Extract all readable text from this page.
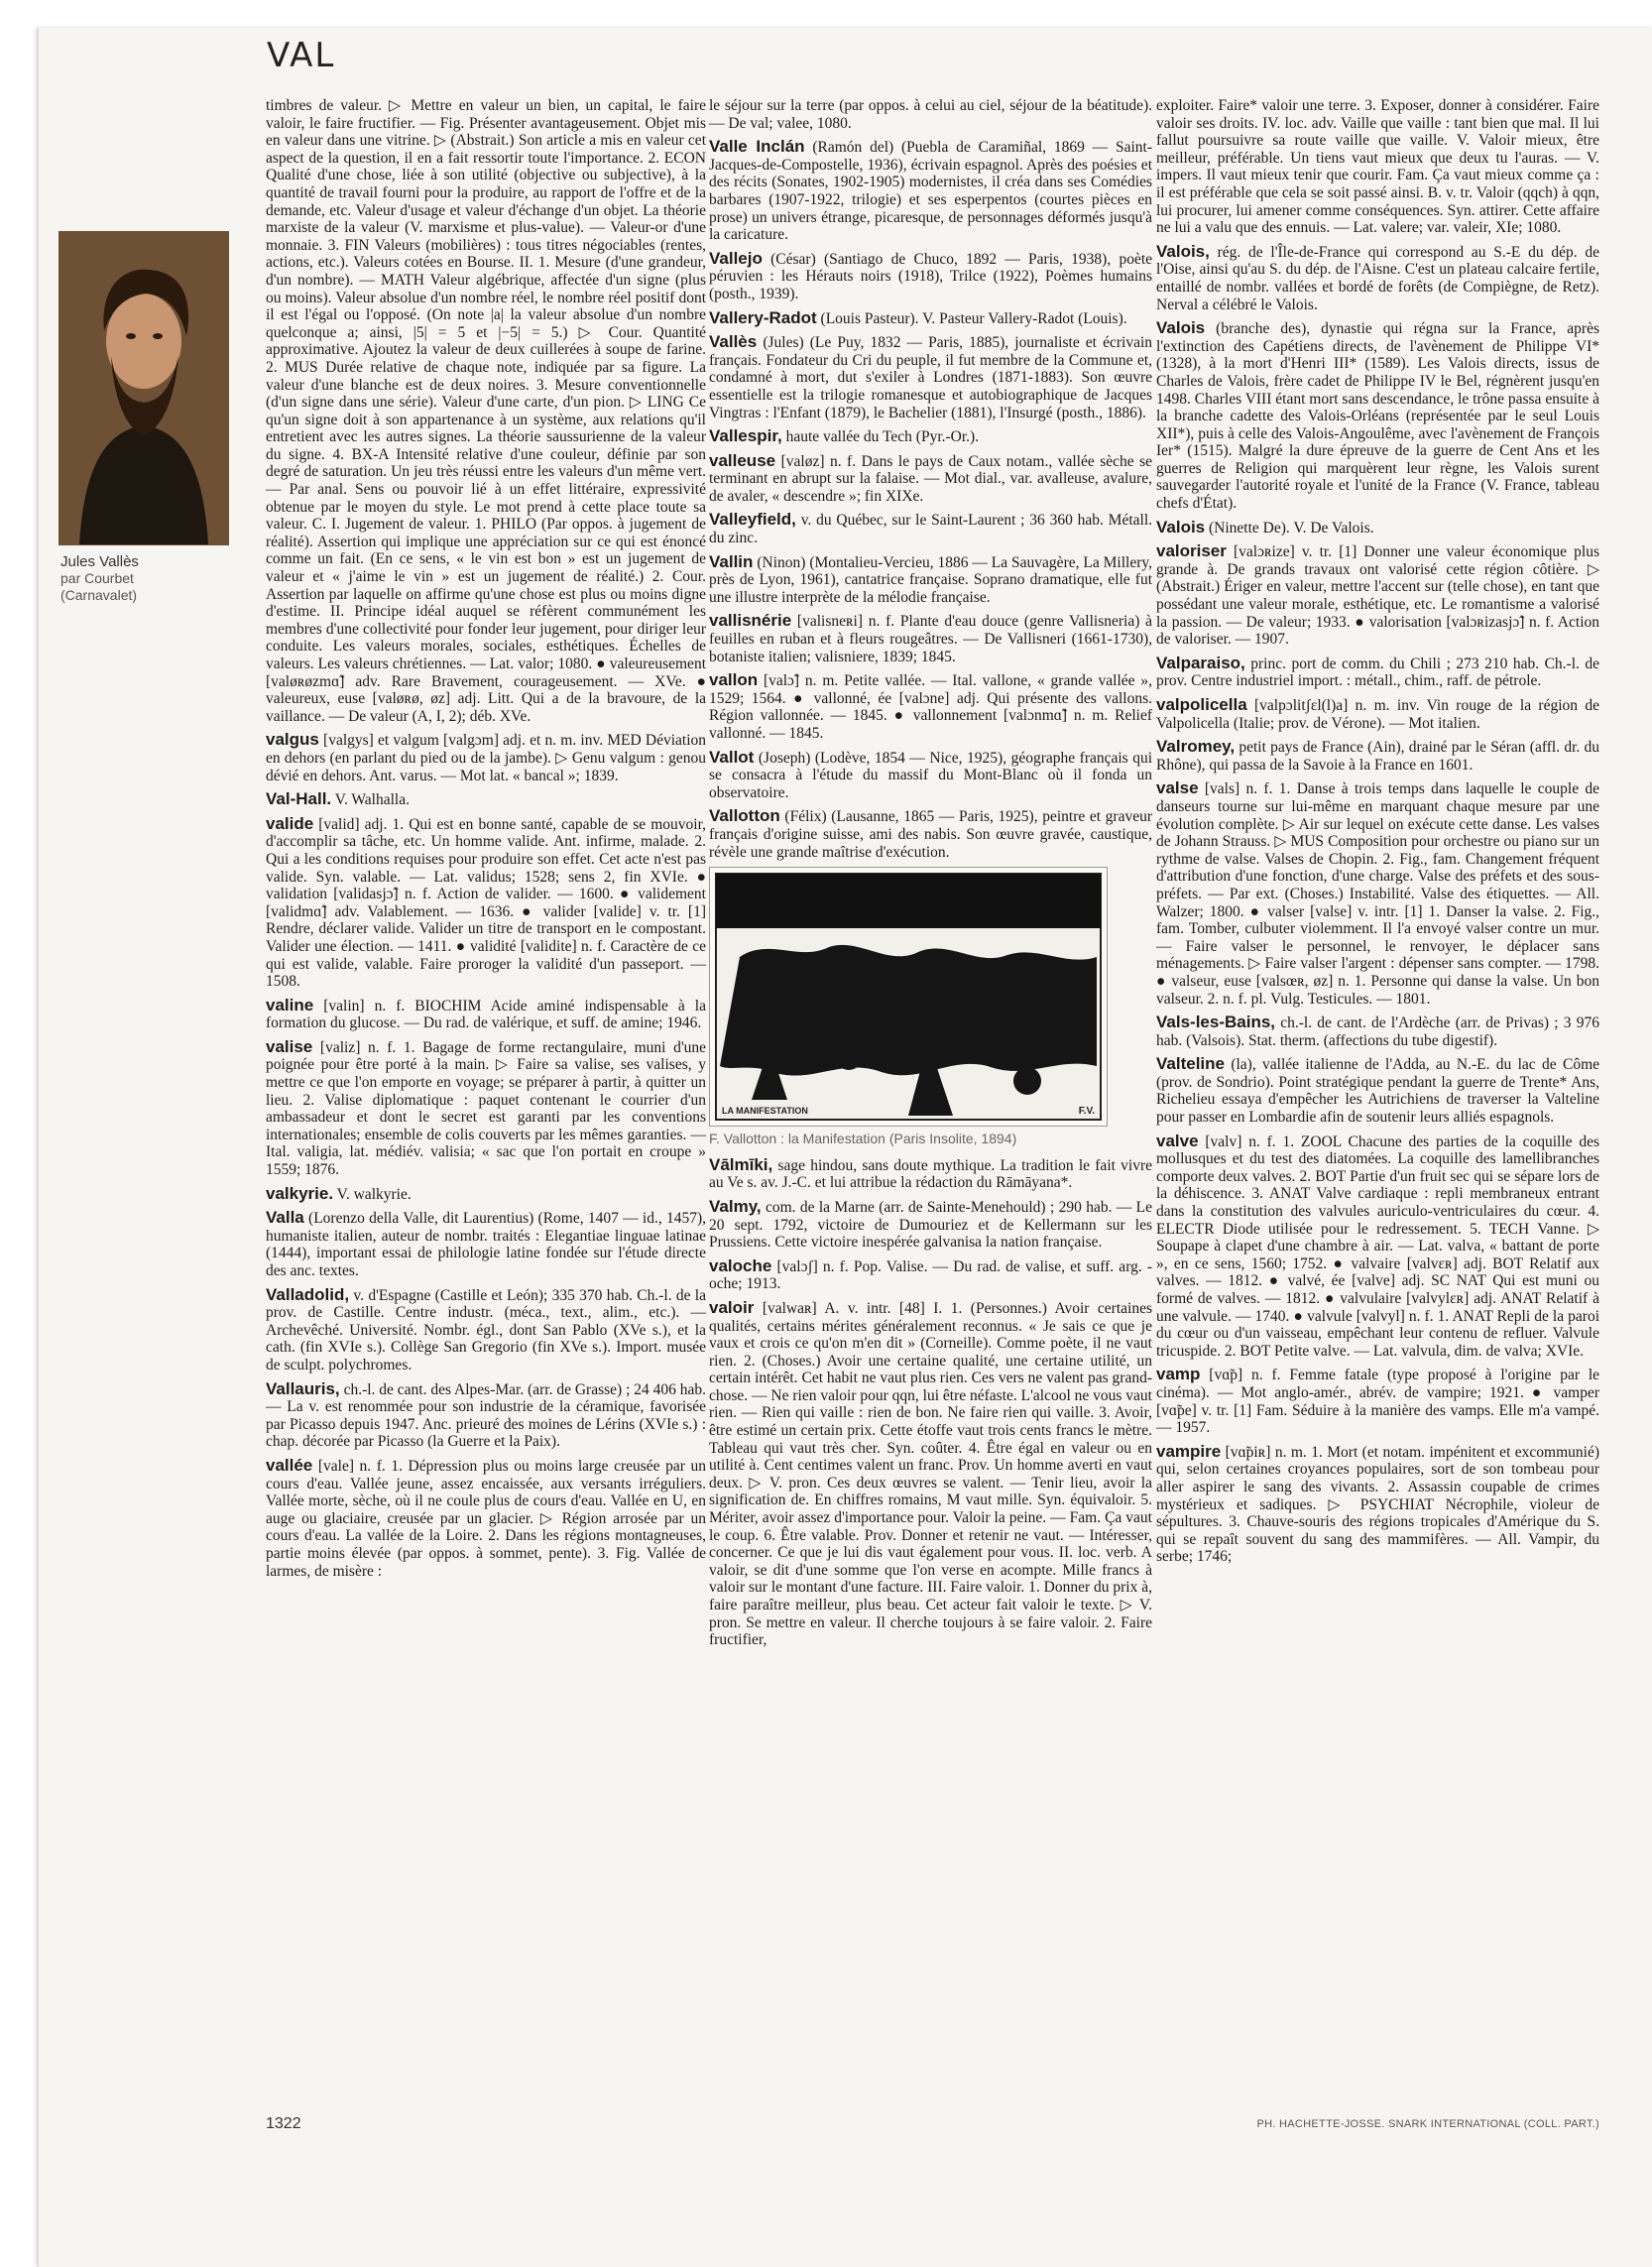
VAL
Jules Vallès
par Courbet
(Carnavalet)

timbres de valeur. ▷ Mettre en valeur un bien, un capital, le faire valoir, le faire fructifier. — Fig. Présenter avantageusement. Objet mis en valeur dans une vitrine. ▷ (Abstrait.) Son article a mis en valeur cet aspect de la question, il en a fait ressortir toute l'importance. 2. ECON Qualité d'une chose, liée à son utilité (objective ou subjective), à la quantité de travail fourni pour la produire, au rapport de l'offre et de la demande, etc. Valeur d'usage et valeur d'échange d'un objet. La théorie marxiste de la valeur (V. marxisme et plus-value). — Valeur-or d'une monnaie. 3. FIN Valeurs (mobilières) : tous titres négociables (rentes, actions, etc.). Valeurs cotées en Bourse. II. 1. Mesure (d'une grandeur, d'un nombre). — MATH Valeur algébrique, affectée d'un signe (plus ou moins). Valeur absolue d'un nombre réel, le nombre réel positif dont il est l'égal ou l'opposé. (On note |a| la valeur absolue d'un nombre quelconque a; ainsi, |5| = 5 et |−5| = 5.) ▷ Cour. Quantité approximative. Ajoutez la valeur de deux cuillerées à soupe de farine. 2. MUS Durée relative de chaque note, indiquée par sa figure. La valeur d'une blanche est de deux noires. 3. Mesure conventionnelle (d'un signe dans une série). Valeur d'une carte, d'un pion. ▷ LING Ce qu'un signe doit à son appartenance à un système, aux relations qu'il entretient avec les autres signes. La théorie saussurienne de la valeur du signe. 4. BX-A Intensité relative d'une couleur, définie par son degré de saturation. Un jeu très réussi entre les valeurs d'un même vert. — Par anal. Sens ou pouvoir lié à un effet littéraire, expressivité obtenue par le moyen du style. Le mot prend à cette place toute sa valeur. C. I. Jugement de valeur. 1. PHILO (Par oppos. à jugement de réalité). Assertion qui implique une appréciation sur ce qui est énoncé comme un fait. (En ce sens, « le vin est bon » est un jugement de valeur et « j'aime le vin » est un jugement de réalité.) 2. Cour. Assertion par laquelle on affirme qu'une chose est plus ou moins digne d'estime. II. Principe idéal auquel se réfèrent communément les membres d'une collectivité pour fonder leur jugement, pour diriger leur conduite. Les valeurs morales, sociales, esthétiques. Échelles de valeurs. Les valeurs chrétiennes. — Lat. valor; 1080. ● valeureusement [valøʀøzmɑ̃] adv. Rare Bravement, courageusement. — XVe. ● valeureux, euse [valøʀø, øz] adj. Litt. Qui a de la bravoure, de la vaillance. — De valeur (A, I, 2); déb. XVe.

valgus [valgys] et valgum [valgɔm] adj. et n. m. inv. MED Déviation en dehors (en parlant du pied ou de la jambe). ▷ Genu valgum : genou dévié en dehors. Ant. varus. — Mot lat. « bancal »; 1839.

Val-Hall. V. Walhalla.

valide [valid] adj. 1. Qui est en bonne santé, capable de se mouvoir, d'accomplir sa tâche, etc. Un homme valide. Ant. infirme, malade. 2. Qui a les conditions requises pour produire son effet. Cet acte n'est pas valide. Syn. valable. — Lat. validus; 1528; sens 2, fin XVIe. ● validation [validasjɔ̃] n. f. Action de valider. — 1600. ● validement [validmɑ̃] adv. Valablement. — 1636. ● valider [valide] v. tr. [1] Rendre, déclarer valide. Valider un titre de transport en le compostant. Valider une élection. — 1411. ● validité [validite] n. f. Caractère de ce qui est valide, valable. Faire proroger la validité d'un passeport. — 1508.

valine [valin] n. f. BIOCHIM Acide aminé indispensable à la formation du glucose. — Du rad. de valérique, et suff. de amine; 1946.

valise [valiz] n. f. 1. Bagage de forme rectangulaire, muni d'une poignée pour être porté à la main. ▷ Faire sa valise, ses valises, y mettre ce que l'on emporte en voyage; se préparer à partir, à quitter un lieu. 2. Valise diplomatique : paquet contenant le courrier d'un ambassadeur et dont le secret est garanti par les conventions internationales; ensemble de colis couverts par les mêmes garanties. — Ital. valigia, lat. médiév. valisia; « sac que l'on portait en croupe » 1559; 1876.

valkyrie. V. walkyrie.

Valla (Lorenzo della Valle, dit Laurentius) (Rome, 1407 — id., 1457), humaniste italien, auteur de nombr. traités : Elegantiae linguae latinae (1444), important essai de philologie latine fondée sur l'étude directe des anc. textes.

Valladolid, v. d'Espagne (Castille et León); 335 370 hab. Ch.-l. de la prov. de Castille. Centre industr. (méca., text., alim., etc.). — Archevêché. Université. Nombr. égl., dont San Pablo (XVe s.), et la cath. (fin XVIe s.). Collège San Gregorio (fin XVe s.). Import. musée de sculpt. polychromes.

Vallauris, ch.-l. de cant. des Alpes-Mar. (arr. de Grasse) ; 24 406 hab. — La v. est renommée pour son industrie de la céramique, favorisée par Picasso depuis 1947. Anc. prieuré des moines de Lérins (XVIe s.) : chap. décorée par Picasso (la Guerre et la Paix).

vallée [vale] n. f. 1. Dépression plus ou moins large creusée par un cours d'eau. Vallée jeune, assez encaissée, aux versants irréguliers. Vallée morte, sèche, où il ne coule plus de cours d'eau. Vallée en U, en auge ou glaciaire, creusée par un glacier. ▷ Région arrosée par un cours d'eau. La vallée de la Loire. 2. Dans les régions montagneuses, partie moins élevée (par oppos. à sommet, pente). 3. Fig. Vallée de larmes, de misère :

le séjour sur la terre (par oppos. à celui au ciel, séjour de la béatitude). — De val; valee, 1080.

Valle Inclán (Ramón del) (Puebla de Caramiñal, 1869 — Saint-Jacques-de-Compostelle, 1936), écrivain espagnol. Après des poésies et des récits (Sonates, 1902-1905) modernistes, il créa dans ses Comédies barbares (1907-1922, trilogie) et ses esperpentos (courtes pièces en prose) un univers étrange, picaresque, de personnages déformés jusqu'à la caricature.

Vallejo (César) (Santiago de Chuco, 1892 — Paris, 1938), poète péruvien : les Hérauts noirs (1918), Trilce (1922), Poèmes humains (posth., 1939).

Vallery-Radot (Louis Pasteur). V. Pasteur Vallery-Radot (Louis).

Vallès (Jules) (Le Puy, 1832 — Paris, 1885), journaliste et écrivain français. Fondateur du Cri du peuple, il fut membre de la Commune et, condamné à mort, dut s'exiler à Londres (1871-1883). Son œuvre essentielle est la trilogie romanesque et autobiographique de Jacques Vingtras : l'Enfant (1879), le Bachelier (1881), l'Insurgé (posth., 1886).

Vallespir, haute vallée du Tech (Pyr.-Or.).

valleuse [valøz] n. f. Dans le pays de Caux notam., vallée sèche se terminant en abrupt sur la falaise. — Mot dial., var. avalleuse, avalure, de avaler, « descendre »; fin XIXe.

Valleyfield, v. du Québec, sur le Saint-Laurent ; 36 360 hab. Métall. du zinc.

Vallin (Ninon) (Montalieu-Vercieu, 1886 — La Sauvagère, La Millery, près de Lyon, 1961), cantatrice française. Soprano dramatique, elle fut une illustre interprète de la mélodie française.

vallisnérie [valisneʀi] n. f. Plante d'eau douce (genre Vallisneria) à feuilles en ruban et à fleurs rougeâtres. — De Vallisneri (1661-1730), botaniste italien; valisniere, 1839; 1845.

vallon [valɔ̃] n. m. Petite vallée. — Ital. vallone, « grande vallée », 1529; 1564. ● vallonné, ée [valɔne] adj. Qui présente des vallons. Région vallonnée. — 1845. ● vallonnement [valɔnmɑ̃] n. m. Relief vallonné. — 1845.

Vallot (Joseph) (Lodève, 1854 — Nice, 1925), géographe français qui se consacra à l'étude du massif du Mont-Blanc où il fonda un observatoire.

Vallotton (Félix) (Lausanne, 1865 — Paris, 1925), peintre et graveur français d'origine suisse, ami des nabis. Son œuvre gravée, caustique, révèle une grande maîtrise d'exécution.

LA MANIFESTATION	F.V.
F. Vallotton : la Manifestation (Paris Insolite, 1894)

Vālmīki, sage hindou, sans doute mythique. La tradition le fait vivre au Ve s. av. J.-C. et lui attribue la rédaction du Rāmāyana*.

Valmy, com. de la Marne (arr. de Sainte-Menehould) ; 290 hab. — Le 20 sept. 1792, victoire de Dumouriez et de Kellermann sur les Prussiens. Cette victoire inespérée galvanisa la nation française.

valoche [valɔʃ] n. f. Pop. Valise. — Du rad. de valise, et suff. arg. -oche; 1913.

valoir [valwaʀ] A. v. intr. [48] I. 1. (Personnes.) Avoir certaines qualités, certains mérites généralement reconnus. « Je sais ce que je vaux et crois ce qu'on m'en dit » (Corneille). Comme poète, il ne vaut rien. 2. (Choses.) Avoir une certaine qualité, une certaine utilité, un certain intérêt. Cet habit ne vaut plus rien. Ces vers ne valent pas grand-chose. — Ne rien valoir pour qqn, lui être néfaste. L'alcool ne vous vaut rien. — Rien qui vaille : rien de bon. Ne faire rien qui vaille. 3. Avoir, être estimé un certain prix. Cette étoffe vaut trois cents francs le mètre. Tableau qui vaut très cher. Syn. coûter. 4. Être égal en valeur ou en utilité à. Cent centimes valent un franc. Prov. Un homme averti en vaut deux. ▷ V. pron. Ces deux œuvres se valent. — Tenir lieu, avoir la signification de. En chiffres romains, M vaut mille. Syn. équivaloir. 5. Mériter, avoir assez d'importance pour. Valoir la peine. — Fam. Ça vaut le coup. 6. Être valable. Prov. Donner et retenir ne vaut. — Intéresser, concerner. Ce que je lui dis vaut également pour vous. II. loc. verb. A valoir, se dit d'une somme que l'on verse en acompte. Mille francs à valoir sur le montant d'une facture. III. Faire valoir. 1. Donner du prix à, faire paraître meilleur, plus beau. Cet acteur fait valoir le texte. ▷ V. pron. Se mettre en valeur. Il cherche toujours à se faire valoir. 2. Faire fructifier,

exploiter. Faire* valoir une terre. 3. Exposer, donner à considérer. Faire valoir ses droits. IV. loc. adv. Vaille que vaille : tant bien que mal. Il lui fallut poursuivre sa route vaille que vaille. V. Valoir mieux, être meilleur, préférable. Un tiens vaut mieux que deux tu l'auras. — V. impers. Il vaut mieux tenir que courir. Fam. Ça vaut mieux comme ça : il est préférable que cela se soit passé ainsi. B. v. tr. Valoir (qqch) à qqn, lui procurer, lui amener comme conséquences. Syn. attirer. Cette affaire ne lui a valu que des ennuis. — Lat. valere; var. valeir, XIe; 1080.

Valois, rég. de l'Île-de-France qui correspond au S.-E du dép. de l'Oise, ainsi qu'au S. du dép. de l'Aisne. C'est un plateau calcaire fertile, entaillé de nombr. vallées et bordé de forêts (de Compiègne, de Retz). Nerval a célébré le Valois.

Valois (branche des), dynastie qui régna sur la France, après l'extinction des Capétiens directs, de l'avènement de Philippe VI* (1328), à la mort d'Henri III* (1589). Les Valois directs, issus de Charles de Valois, frère cadet de Philippe IV le Bel, régnèrent jusqu'en 1498. Charles VIII étant mort sans descendance, le trône passa ensuite à la branche cadette des Valois-Orléans (représentée par le seul Louis XII*), puis à celle des Valois-Angoulême, avec l'avènement de François Ier* (1515). Malgré la dure épreuve de la guerre de Cent Ans et les guerres de Religion qui marquèrent leur règne, les Valois surent sauvegarder l'autorité royale et l'unité de la France (V. France, tableau chefs d'État).

Valois (Ninette De). V. De Valois.

valoriser [valɔʀize] v. tr. [1] Donner une valeur économique plus grande à. De grands travaux ont valorisé cette région côtière. ▷ (Abstrait.) Ériger en valeur, mettre l'accent sur (telle chose), en tant que possédant une valeur morale, esthétique, etc. Le romantisme a valorisé la passion. — De valeur; 1933. ● valorisation [valɔʀizasjɔ̃] n. f. Action de valoriser. — 1907.

Valparaiso, princ. port de comm. du Chili ; 273 210 hab. Ch.-l. de prov. Centre industriel import. : métall., chim., raff. de pétrole.

valpolicella [valpɔlitʃɛl(l)a] n. m. inv. Vin rouge de la région de Valpolicella (Italie; prov. de Vérone). — Mot italien.

Valromey, petit pays de France (Ain), drainé par le Séran (affl. dr. du Rhône), qui passa de la Savoie à la France en 1601.

valse [vals] n. f. 1. Danse à trois temps dans laquelle le couple de danseurs tourne sur lui-même en marquant chaque mesure par une évolution complète. ▷ Air sur lequel on exécute cette danse. Les valses de Johann Strauss. ▷ MUS Composition pour orchestre ou piano sur un rythme de valse. Valses de Chopin. 2. Fig., fam. Changement fréquent d'attribution d'une fonction, d'une charge. Valse des préfets et des sous-préfets. — Par ext. (Choses.) Instabilité. Valse des étiquettes. — All. Walzer; 1800. ● valser [valse] v. intr. [1] 1. Danser la valse. 2. Fig., fam. Tomber, culbuter violemment. Il l'a envoyé valser contre un mur. — Faire valser le personnel, le renvoyer, le déplacer sans ménagements. ▷ Faire valser l'argent : dépenser sans compter. — 1798. ● valseur, euse [valsœʀ, øz] n. 1. Personne qui danse la valse. Un bon valseur. 2. n. f. pl. Vulg. Testicules. — 1801.

Vals-les-Bains, ch.-l. de cant. de l'Ardèche (arr. de Privas) ; 3 976 hab. (Valsois). Stat. therm. (affections du tube digestif).

Valteline (la), vallée italienne de l'Adda, au N.-E. du lac de Côme (prov. de Sondrio). Point stratégique pendant la guerre de Trente* Ans, Richelieu essaya d'empêcher les Autrichiens de traverser la Valteline pour passer en Lombardie afin de soutenir leurs alliés espagnols.

valve [valv] n. f. 1. ZOOL Chacune des parties de la coquille des mollusques et du test des diatomées. La coquille des lamellibranches comporte deux valves. 2. BOT Partie d'un fruit sec qui se sépare lors de la déhiscence. 3. ANAT Valve cardiaque : repli membraneux entrant dans la constitution des valvules auriculo-ventriculaires du cœur. 4. ELECTR Diode utilisée pour le redressement. 5. TECH Vanne. ▷ Soupape à clapet d'une chambre à air. — Lat. valva, « battant de porte », en ce sens, 1560; 1752. ● valvaire [valvɛʀ] adj. BOT Relatif aux valves. — 1812. ● valvé, ée [valve] adj. SC NAT Qui est muni ou formé de valves. — 1812. ● valvulaire [valvylɛʀ] adj. ANAT Relatif à une valvule. — 1740. ● valvule [valvyl] n. f. 1. ANAT Repli de la paroi du cœur ou d'un vaisseau, empêchant leur contenu de refluer. Valvule tricuspide. 2. BOT Petite valve. — Lat. valvula, dim. de valva; XVIe.

vamp [vɑ̃p] n. f. Femme fatale (type proposé à l'origine par le cinéma). — Mot anglo-amér., abrév. de vampire; 1921. ● vamper [vɑ̃pe] v. tr. [1] Fam. Séduire à la manière des vamps. Elle m'a vampé. — 1957.

vampire [vɑ̃piʀ] n. m. 1. Mort (et notam. impénitent et excommunié) qui, selon certaines croyances populaires, sort de son tombeau pour aller aspirer le sang des vivants. 2. Assassin coupable de crimes mystérieux et sadiques. ▷ PSYCHIAT Nécrophile, violeur de sépultures. 3. Chauve-souris des régions tropicales d'Amérique du S. qui se repaît souvent du sang des mammifères. — All. Vampir, du serbe; 1746;

1322	PH. HACHETTE-JOSSE. SNARK INTERNATIONAL (COLL. PART.)
